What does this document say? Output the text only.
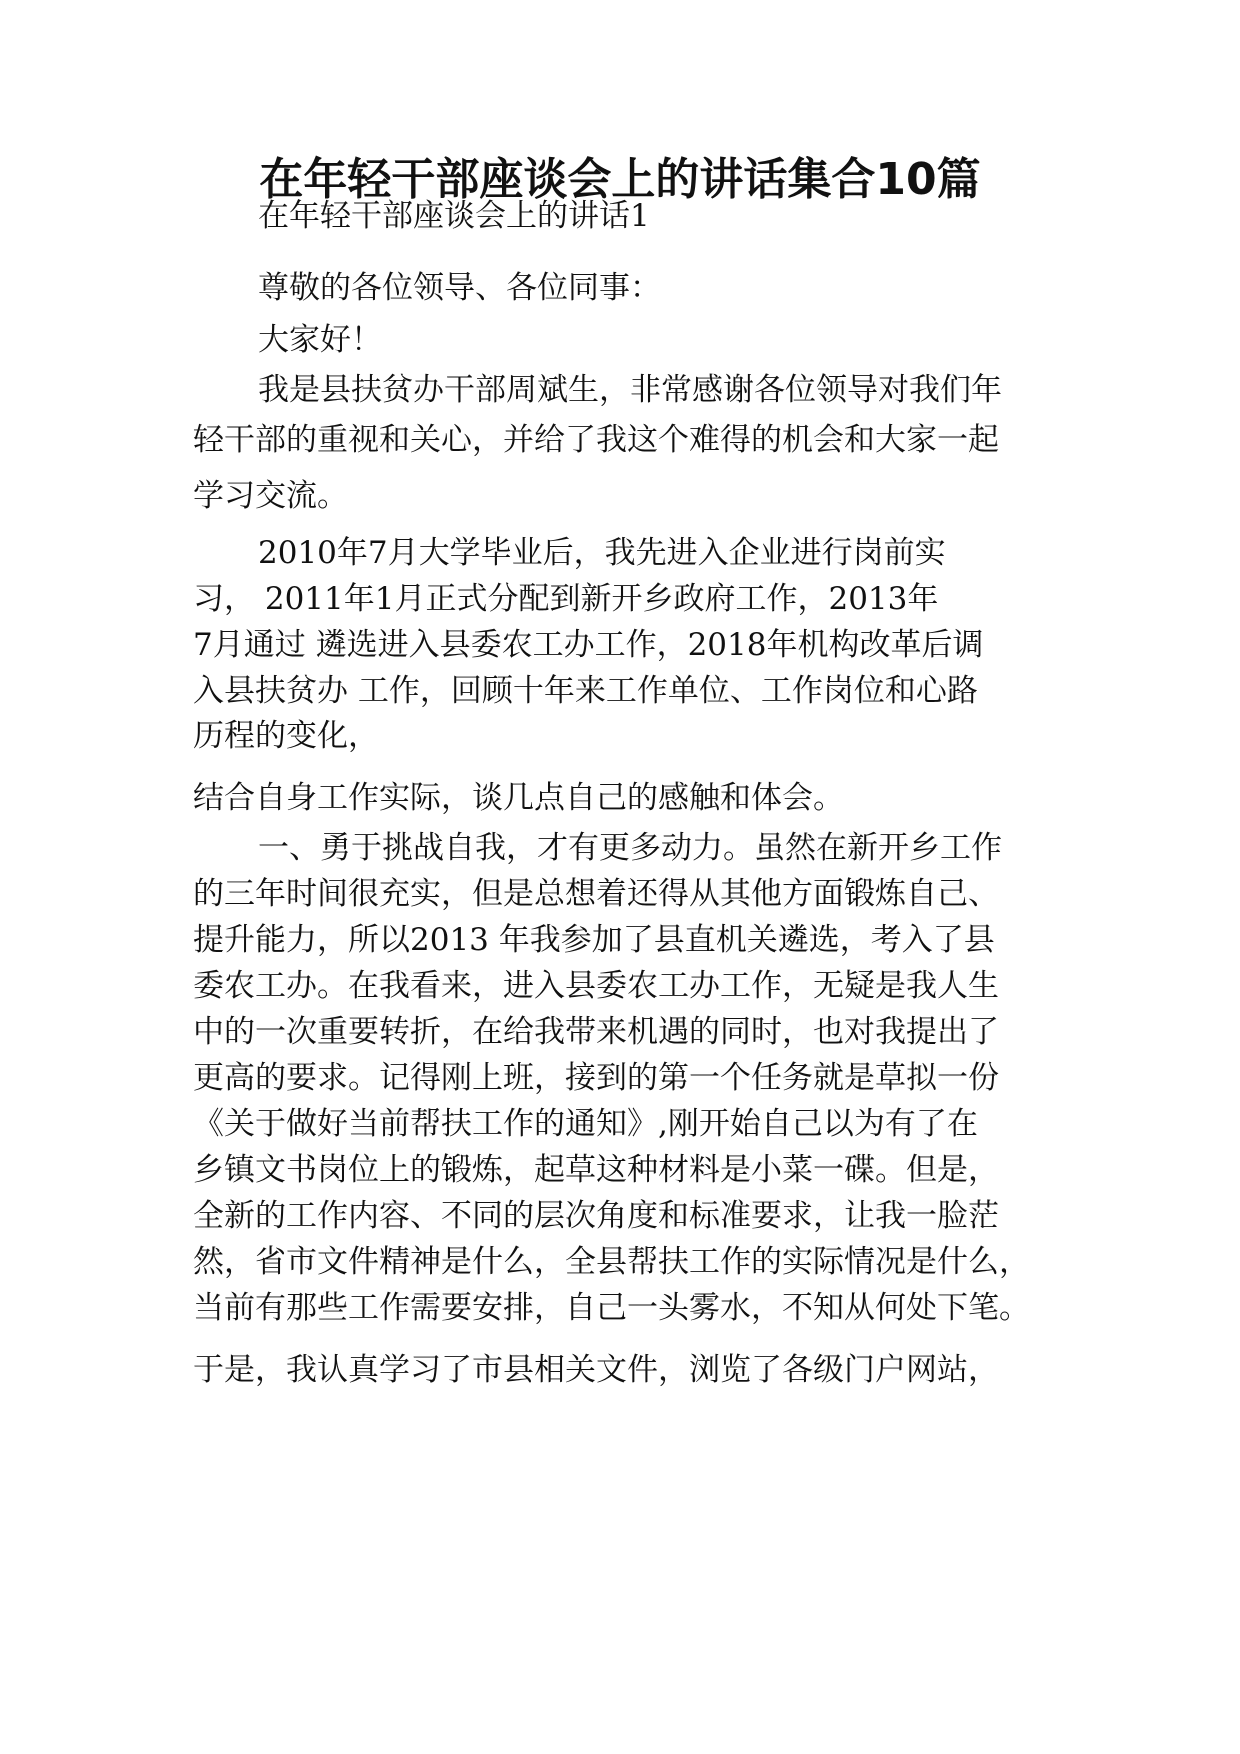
在年轻干部座谈会上的讲话集合10篇

在年轻干部座谈会上的讲话1

尊敬的各位领导、各位同事：

大家好！

我是县扶贫办干部周斌生，非常感谢各位领导对我们年

轻干部的重视和关心，并给了我这个难得的机会和大家一起

学习交流。

2010年7月大学毕业后，我先进入企业进行岗前实

习， 2011年1月正式分配到新开乡政府工作，2013年

7月通过 遴选进入县委农工办工作，2018年机构改革后调

入县扶贫办 工作，回顾十年来工作单位、工作岗位和心路

历程的变化，

结合自身工作实际，谈几点自己的感触和体会。

一、勇于挑战自我，才有更多动力。虽然在新开乡工作

的三年时间很充实，但是总想着还得从其他方面锻炼自己、

提升能力，所以2013 年我参加了县直机关遴选，考入了县

委农工办。在我看来，进入县委农工办工作，无疑是我人生

中的一次重要转折，在给我带来机遇的同时，也对我提出了

更高的要求。记得刚上班，接到的第一个任务就是草拟一份

《关于做好当前帮扶工作的通知》,刚开始自己以为有了在

乡镇文书岗位上的锻炼，起草这种材料是小菜一碟。但是，

全新的工作内容、不同的层次角度和标准要求，让我一脸茫

然，省市文件精神是什么，全县帮扶工作的实际情况是什么，

当前有那些工作需要安排，自己一头雾水，不知从何处下笔。

于是，我认真学习了市县相关文件，浏览了各级门户网站，
